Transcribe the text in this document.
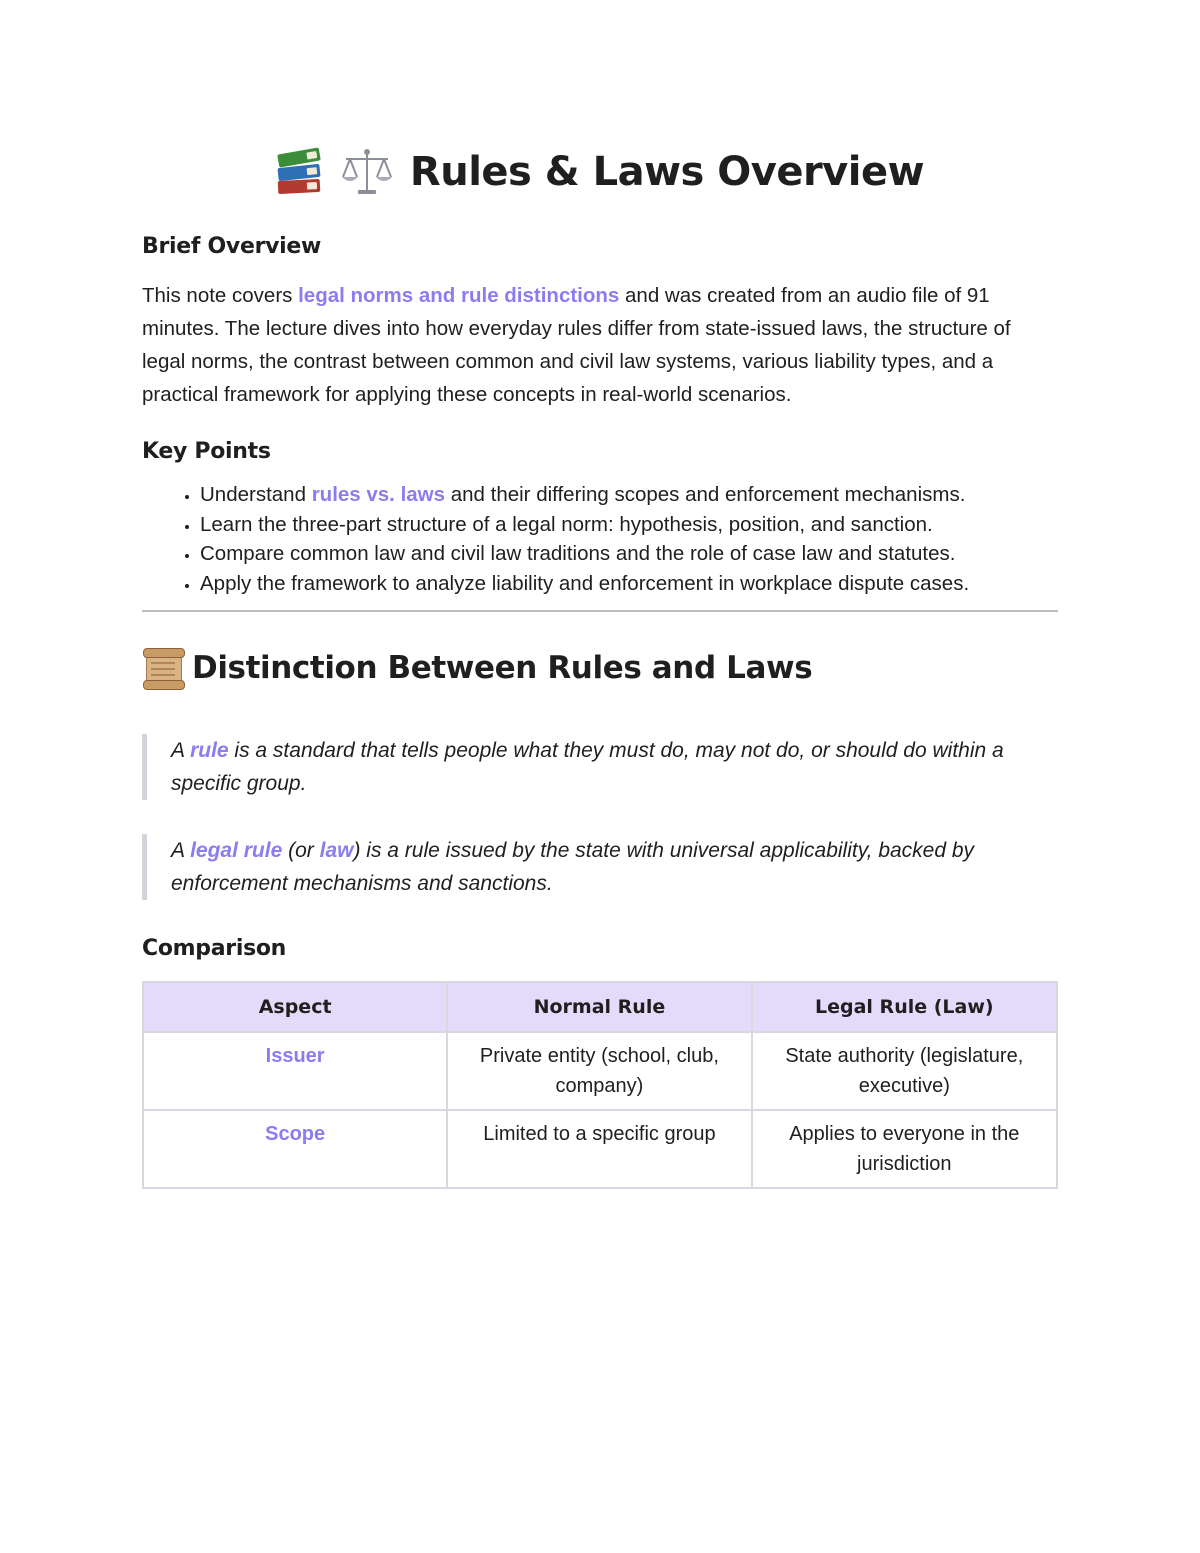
Rules & Laws Overview
Brief Overview

This note covers legal norms and rule distinctions and was created from an audio file of 91 minutes. The lecture dives into how everyday rules differ from state-issued laws, the structure of legal norms, the contrast between common and civil law systems, various liability types, and a practical framework for applying these concepts in real-world scenarios.

Key Points
• Understand rules vs. laws and their differing scopes and enforcement mechanisms.
• Learn the three-part structure of a legal norm: hypothesis, position, and sanction.
• Compare common law and civil law traditions and the role of case law and statutes.
• Apply the framework to analyze liability and enforcement in workplace dispute cases.
Distinction Between Rules and Laws
A rule is a standard that tells people what they must do, may not do, or should do within a specific group.
A legal rule (or law) is a rule issued by the state with universal applicability, backed by enforcement mechanisms and sanctions.
Comparison
Aspect	Normal Rule	Legal Rule (Law)
Issuer	Private entity (school, club, company)	State authority (legislature, executive)
Scope	Limited to a specific group	Applies to everyone in the jurisdiction
